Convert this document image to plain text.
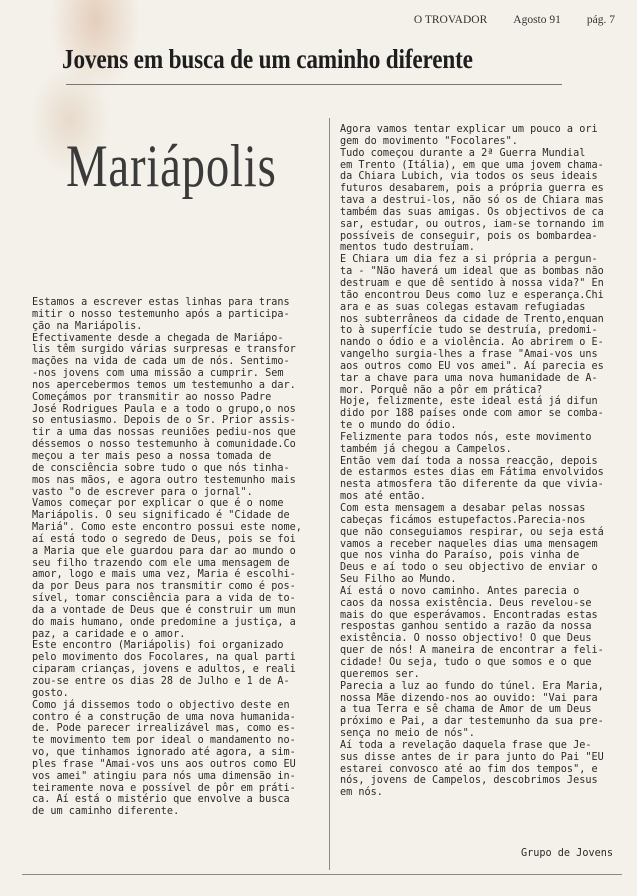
O TROVADOR Agosto 91 pág. 7
Jovens em busca de um caminho diferente
Mariápolis
Estamos a escrever estas linhas para trans
mitir o nosso testemunho após a participa-
ção na Mariápolis.
Efectivamente desde a chegada de Mariápo-
lis têm surgido várias surpresas e transfor
mações na vida de cada um de nós. Sentimo-
-nos jovens com uma missão a cumprir. Sem
nos apercebermos temos um testemunho a dar.
Começámos por transmitir ao nosso Padre
José Rodrigues Paula e a todo o grupo,o nos
so entusiasmo. Depois de o Sr. Prior assis-
tir a uma das nossas reuniões pediu-nos que
déssemos o nosso testemunho à comunidade.Co
meçou a ter mais peso a nossa tomada de
de consciência sobre tudo o que nós tinha-
mos nas mãos, e agora outro testemunho mais
vasto "o de escrever para o jornal".
Vamos começar por explicar o que é o nome
Mariápolis. O seu significado é "Cidade de
Mariá". Como este encontro possui este nome,
aí está todo o segredo de Deus, pois se foi
a Maria que ele guardou para dar ao mundo o
seu filho trazendo com ele uma mensagem de
amor, logo e mais uma vez, Maria é escolhi-
da por Deus para nos transmitir como é pos-
sível, tomar consciência para a vida de to-
da a vontade de Deus que é construir um mun
do mais humano, onde predomine a justiça, a
paz, a caridade e o amor.
Este encontro (Mariápolis) foi organizado
pelo movimento dos Focolares, na qual parti
ciparam crianças, jovens e adultos, e reali
zou-se entre os dias 28 de Julho e 1 de A-
gosto.
Como já dissemos todo o objectivo deste en
contro é a construção de uma nova humanida-
de. Pode parecer irrealizável mas, como es-
te movimento tem por ideal o mandamento no-
vo, que tinhamos ignorado até agora, a sim-
ples frase "Amai-vos uns aos outros como EU
vos amei" atingiu para nós uma dimensão in-
teiramente nova e possível de pôr em práti-
ca. Aí está o mistério que envolve a busca
de um caminho diferente.
Agora vamos tentar explicar um pouco a ori
gem do movimento "Focolares".
Tudo começou durante a 2ª Guerra Mundial
em Trento (Itália), em que uma jovem chama-
da Chiara Lubich, via todos os seus ideais
futuros desabarem, pois a própria guerra es
tava a destrui-los, não só os de Chiara mas
também das suas amigas. Os objectivos de ca
sar, estudar, ou outros, iam-se tornando im
possíveis de conseguir, pois os bombardea-
mentos tudo destruíam.
E Chiara um dia fez a si própria a pergun-
ta - "Não haverá um ideal que as bombas não
destruam e que dê sentido à nossa vida?" En
tão encontrou Deus como luz e esperança.Chi
ara e as suas colegas estavam refugiadas
nos subterrâneos da cidade de Trento,enquan
to à superfície tudo se destruía, predomi-
nando o ódio e a violência. Ao abrirem o E-
vangelho surgia-lhes a frase "Amai-vos uns
aos outros como EU vos amei". Aí parecia es
tar a chave para uma nova humanidade de A-
mor. Porquê não a pôr em prática?
Hoje, felizmente, este ideal está já difun
dido por 188 países onde com amor se comba-
te o mundo do ódio.
Felizmente para todos nós, este movimento
também já chegou a Campelos.
Então vem daí toda a nossa reacção, depois
de estarmos estes dias em Fátima envolvidos
nesta atmosfera tão diferente da que vivia-
mos até então.
Com esta mensagem a desabar pelas nossas
cabeças ficámos estupefactos.Parecia-nos
que não conseguiamos respirar, ou seja está
vamos a receber naqueles dias uma mensagem
que nos vinha do Paraíso, pois vinha de
Deus e aí todo o seu objectivo de enviar o
Seu Filho ao Mundo.
Aí está o novo caminho. Antes parecia o
caos da nossa existência. Deus revelou-se
mais do que esperávamos. Encontradas estas
respostas ganhou sentido a razão da nossa
existência. O nosso objectivo! O que Deus
quer de nós! A maneira de encontrar a feli-
cidade! Ou seja, tudo o que somos e o que
queremos ser.
Parecia a luz ao fundo do túnel. Era Maria,
nossa Mãe dizendo-nos ao ouvido: "Vai para
a tua Terra e sê chama de Amor de um Deus
próximo e Pai, a dar testemunho da sua pre-
sença no meio de nós".
Aí toda a revelação daquela frase que Je-
sus disse antes de ir para junto do Pai "EU
estarei convosco até ao fim dos tempos", e
nós, jovens de Campelos, descobrimos Jesus
em nós.
Grupo de Jovens
